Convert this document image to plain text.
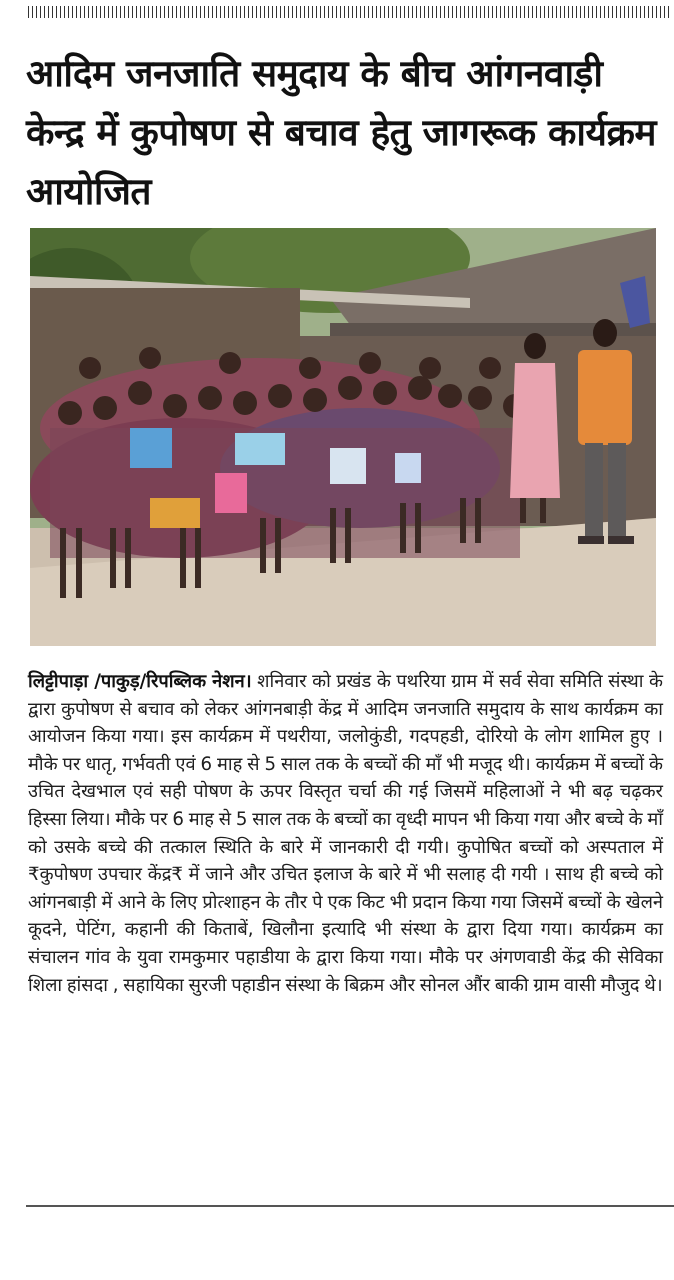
आदिम जनजाति समुदाय के बीच आंगनवाड़ी केन्द्र में कुपोषण से बचाव हेतु जागरूक कार्यक्रम आयोजित

लिट्टीपाड़ा /पाकुड़/रिपब्लिक नेशन। शनिवार को प्रखंड के पथरिया ग्राम में सर्व सेवा समिति संस्था के द्वारा कुपोषण से बचाव को लेकर आंगनबाड़ी केंद्र में आदिम जनजाति समुदाय के साथ कार्यक्रम का आयोजन किया गया। इस कार्यक्रम में पथरीया, जलोकुंडी, गदपहडी, दोरियो के लोग शामिल हुए । मौके पर धातृ, गर्भवती एवं 6 माह से 5 साल तक के बच्चों की माँ भी मजूद थी। कार्यक्रम में बच्चों के उचित देखभाल एवं सही पोषण के ऊपर विस्तृत चर्चा की गई जिसमें महिलाओं ने भी बढ़ चढ़कर हिस्सा लिया। मौके पर 6 माह से 5 साल तक के बच्चों का वृध्दी मापन भी किया गया और बच्चे के माँ को उसके बच्चे की तत्काल स्थिति के बारे में जानकारी दी गयी। कुपोषित बच्चों को अस्पताल में ₹कुपोषण उपचार केंद्र₹ में जाने और उचित इलाज के बारे में भी सलाह दी गयी । साथ ही बच्चे को आंगनबाड़ी में आने के लिए प्रोत्शाहन के तौर पे एक किट भी प्रदान किया गया जिसमें बच्चों के खेलने कूदने, पेटिंग, कहानी की किताबें, खिलौना इत्यादि भी संस्था के द्वारा दिया गया। कार्यक्रम का संचालन गांव के युवा रामकुमार पहाडीया के द्वारा किया गया। मौके पर अंगणवाडी केंद्र की सेविका शिला हांसदा , सहायिका सुरजी पहाडीन संस्था के बिक्रम और सोनल औंर बाकी ग्राम वासी मौजुद थे।
